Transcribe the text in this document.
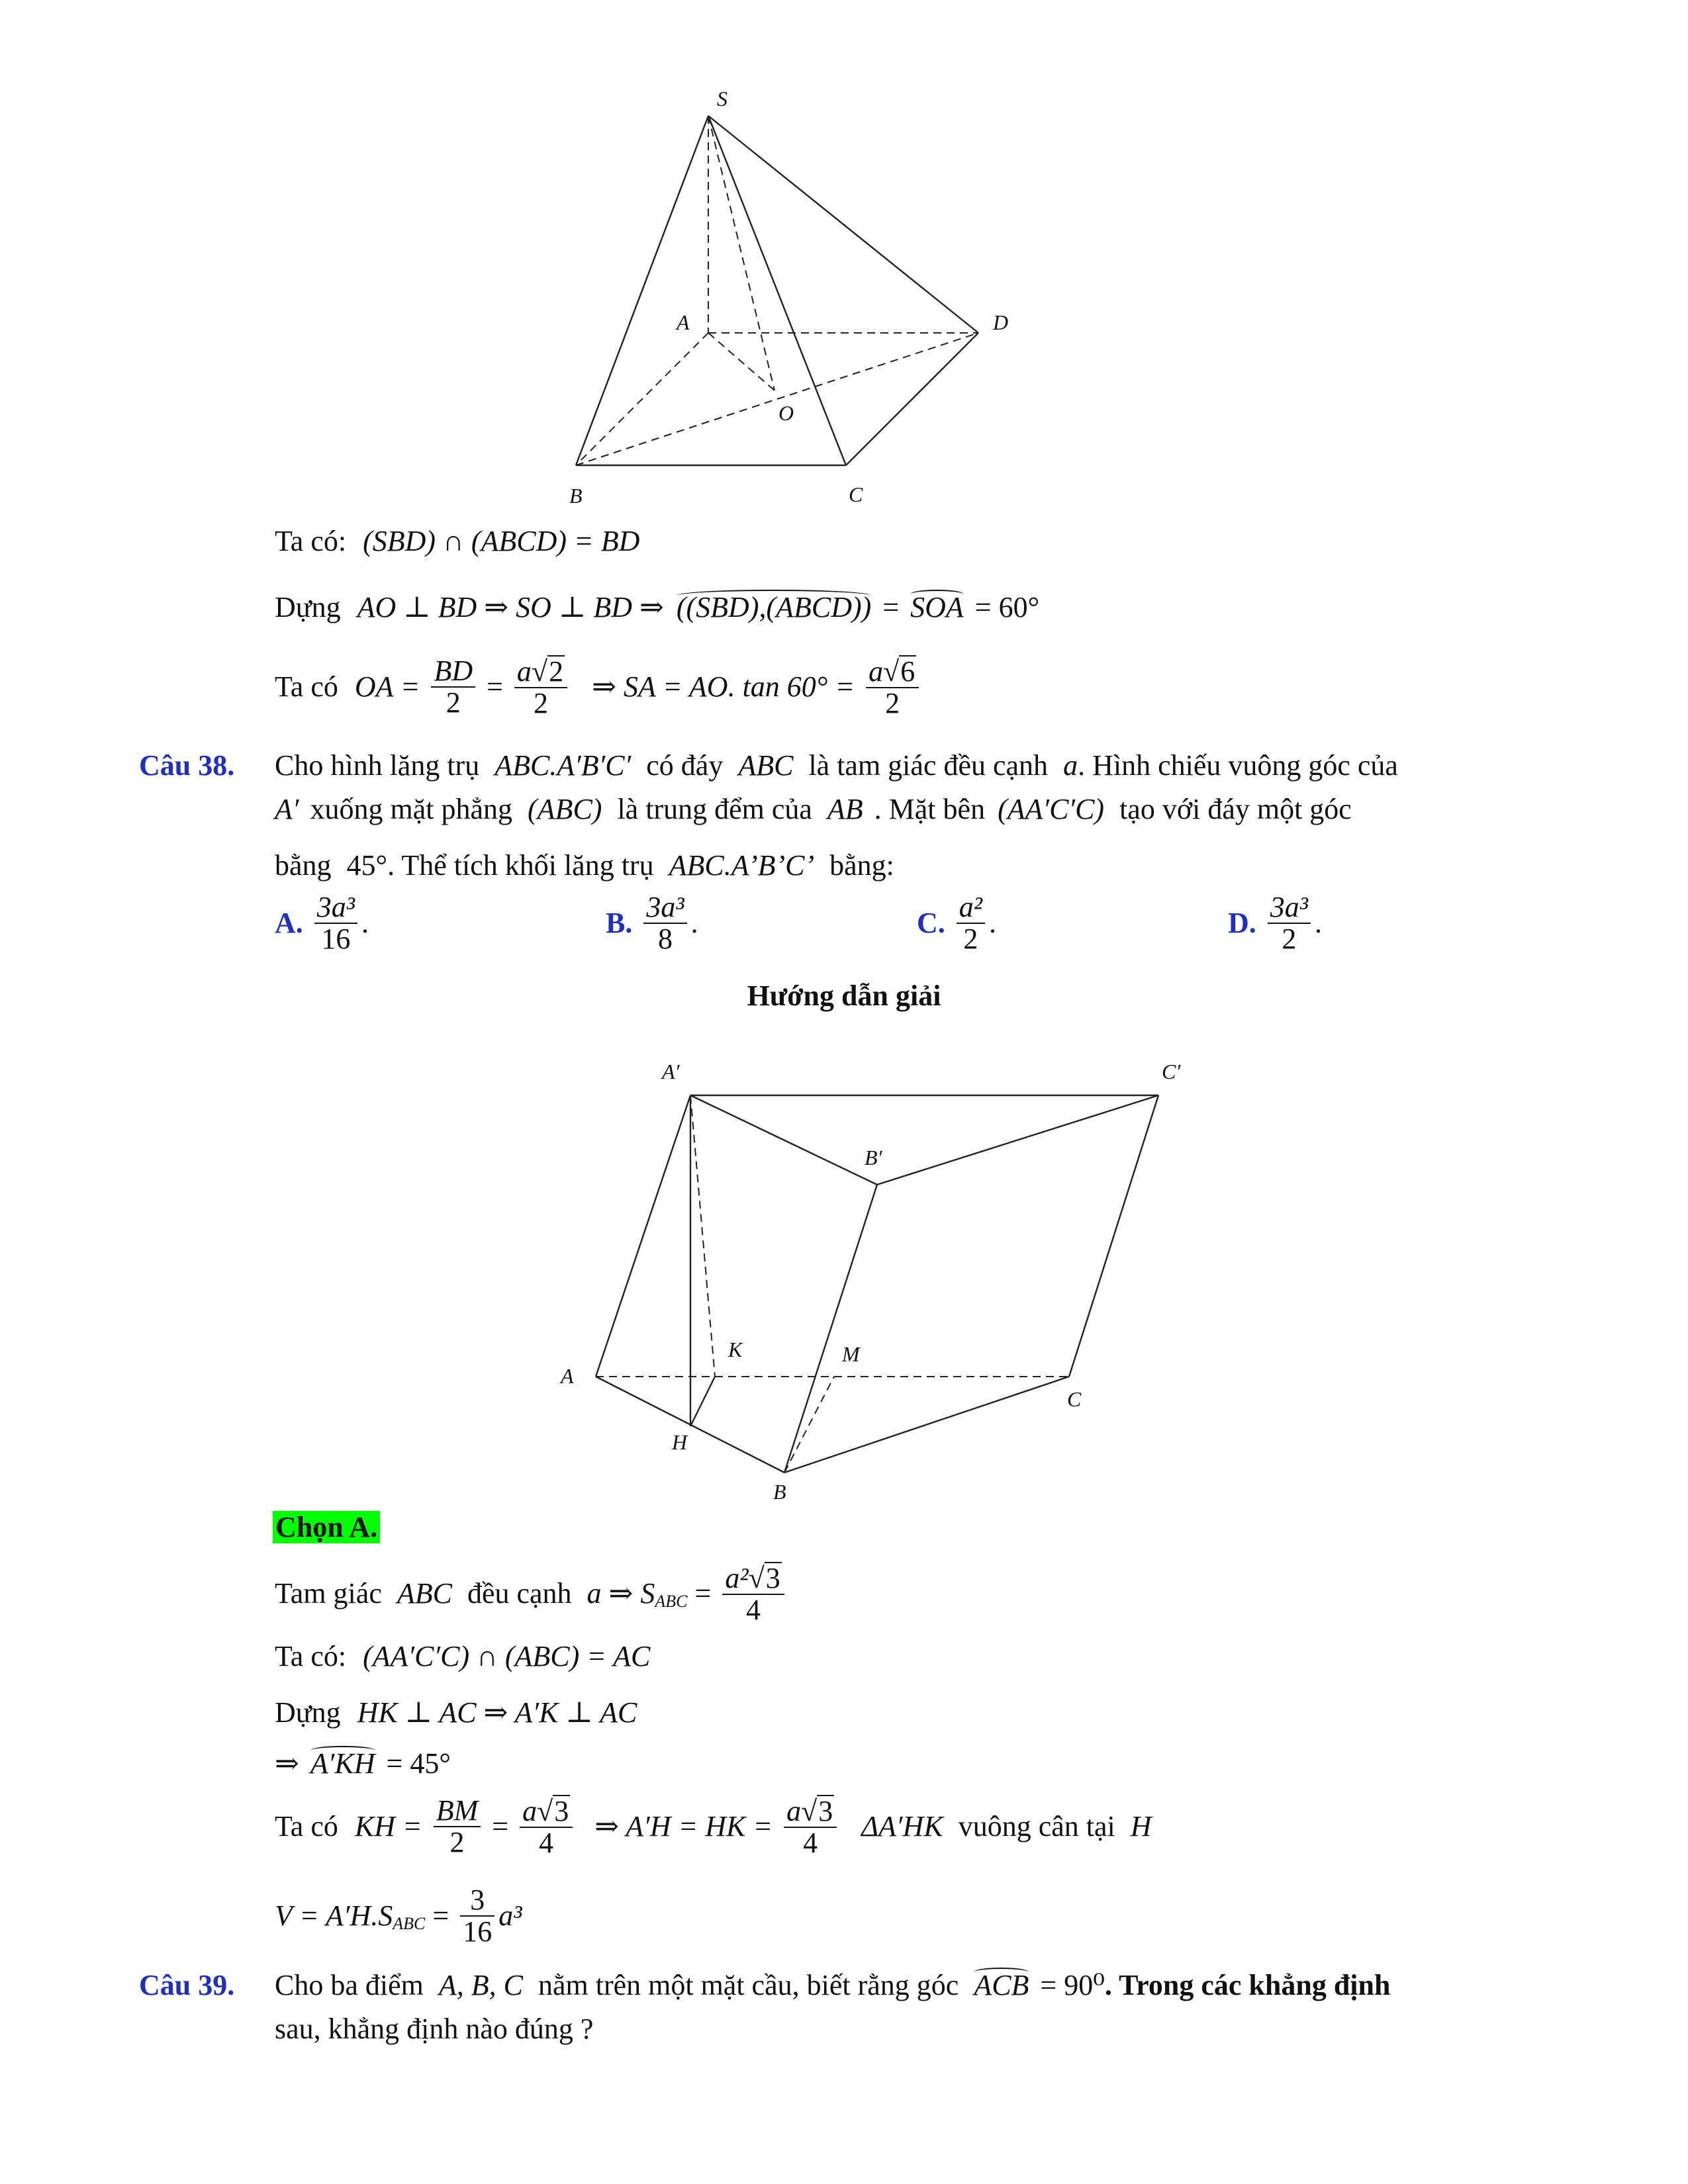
S
A	D
O
B	C
Ta có: (SBD) ∩ (ABCD) = BD
Dựng AO ⊥ BD ⇒ SO ⊥ BD ⇒ ((SBD),(ABCD)) = SOA = 60°
Ta có OA = $\frac{BD}{2} = \frac{a√2}{2}$ ⇒ SA = AO. $\tan 60^\circ = \frac{a√6}{2}$
Câu 38. Cho hình lăng trụ ABC.A′B′C′ có đáy ABC là tam giác đều cạnh a. Hình chiếu vuông góc của
A′ xuống mặt phẳng (ABC) là trung đểm của AB . Mặt bên (AA′C′C) tạo với đáy một góc
bằng 45°. Thể tích khối lăng trụ ABC.A’B’C’ bằng:
A. $\frac{\text{3a³}}{16}$ .	B. $\frac{\text{3a³}}{8}$ .	C. $\frac{\text{a²}}{2}$ .	D. $\frac{\text{3a³}}{2}$ .
Hướng dẫn giải
A′	C′
B′
K	M
A
C
H
B
Chọn A.
Tam giác ABC đều cạnh a ⇒ $S_{ABC} = \frac{\text{a²√3}}{4}$
Ta có: (AA′C′C) ∩ (ABC) = AC
Dựng HK ⊥ AC ⇒ A′K ⊥ AC
⇒ A′KH = 45°
Ta có KH = $\frac{BM}{2} = \frac{a√3}{4}$ ⇒ A′H = HK = $\frac{a√3}{4} \Delta A'HK$ vuông cân tại H
$V = A'H.S_{ABC} = \frac{3}{16} a^3$
Câu 39. Cho ba điểm A, B, C nằm trên một mặt cầu, biết rằng góc ACB = 90⁰. Trong các khẳng định
sau, khẳng định nào đúng ?
